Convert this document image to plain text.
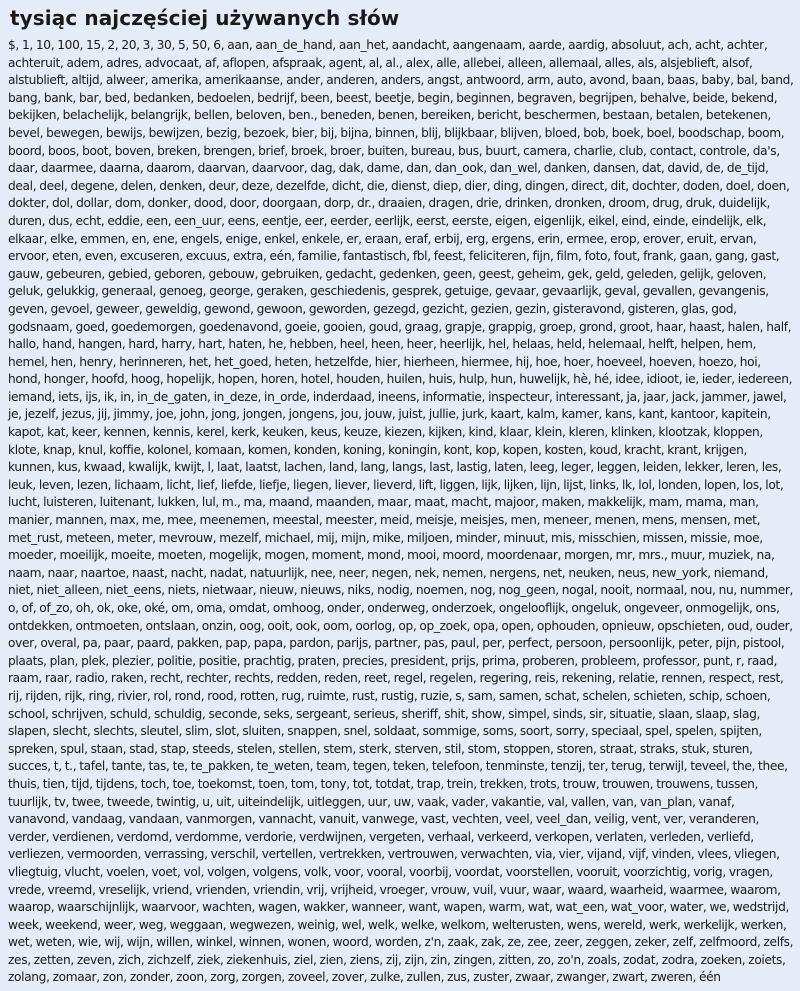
tysiąc najczęściej używanych słów

$, 1, 10, 100, 15, 2, 20, 3, 30, 5, 50, 6, aan, aan_de_hand, aan_het, aandacht, aangenaam, aarde, aardig, absoluut, ach, acht, achter, achteruit, adem, adres, advocaat, af, aflopen, afspraak, agent, al, al., alex, alle, allebei, alleen, allemaal, alles, als, alsjeblieft, alsof, alstublieft, altijd, alweer, amerika, amerikaanse, ander, anderen, anders, angst, antwoord, arm, auto, avond, baan, baas, baby, bal, band, bang, bank, bar, bed, bedanken, bedoelen, bedrijf, been, beest, beetje, begin, beginnen, begraven, begrijpen, behalve, beide, bekend, bekijken, belachelijk, belangrijk, bellen, beloven, ben., beneden, benen, bereiken, bericht, beschermen, bestaan, betalen, betekenen, bevel, bewegen, bewijs, bewijzen, bezig, bezoek, bier, bij, bijna, binnen, blij, blijkbaar, blijven, bloed, bob, boek, boel, boodschap, boom, boord, boos, boot, boven, breken, brengen, brief, broek, broer, buiten, bureau, bus, buurt, camera, charlie, club, contact, controle, da's, daar, daarmee, daarna, daarom, daarvan, daarvoor, dag, dak, dame, dan, dan_ook, dan_wel, danken, dansen, dat, david, de, de_tijd, deal, deel, degene, delen, denken, deur, deze, dezelfde, dicht, die, dienst, diep, dier, ding, dingen, direct, dit, dochter, doden, doel, doen, dokter, dol, dollar, dom, donker, dood, door, doorgaan, dorp, dr., draaien, dragen, drie, drinken, dronken, droom, drug, druk, duidelijk, duren, dus, echt, eddie, een, een_uur, eens, eentje, eer, eerder, eerlijk, eerst, eerste, eigen, eigenlijk, eikel, eind, einde, eindelijk, elk, elkaar, elke, emmen, en, ene, engels, enige, enkel, enkele, er, eraan, eraf, erbij, erg, ergens, erin, ermee, erop, erover, eruit, ervan, ervoor, eten, even, excuseren, excuus, extra, eén, familie, fantastisch, fbl, feest, feliciteren, fijn, film, foto, fout, frank, gaan, gang, gast, gauw, gebeuren, gebied, geboren, gebouw, gebruiken, gedacht, gedenken, geen, geest, geheim, gek, geld, geleden, gelijk, geloven, geluk, gelukkig, generaal, genoeg, george, geraken, geschiedenis, gesprek, getuige, gevaar, gevaarlijk, geval, gevallen, gevangenis, geven, gevoel, geweer, geweldig, gewond, gewoon, geworden, gezegd, gezicht, gezien, gezin, gisteravond, gisteren, glas, god, godsnaam, goed, goedemorgen, goedenavond, goeie, gooien, goud, graag, grapje, grappig, groep, grond, groot, haar, haast, halen, half, hallo, hand, hangen, hard, harry, hart, haten, he, hebben, heel, heen, heer, heerlijk, hel, helaas, held, helemaal, helft, helpen, hem, hemel, hen, henry, herinneren, het, het_goed, heten, hetzelfde, hier, hierheen, hiermee, hij, hoe, hoer, hoeveel, hoeven, hoezo, hoi, hond, honger, hoofd, hoog, hopelijk, hopen, horen, hotel, houden, huilen, huis, hulp, hun, huwelijk, hè, hé, idee, idioot, ie, ieder, iedereen, iemand, iets, ijs, ik, in, in_de_gaten, in_deze, in_orde, inderdaad, ineens, informatie, inspecteur, interessant, ja, jaar, jack, jammer, jawel, je, jezelf, jezus, jij, jimmy, joe, john, jong, jongen, jongens, jou, jouw, juist, jullie, jurk, kaart, kalm, kamer, kans, kant, kantoor, kapitein, kapot, kat, keer, kennen, kennis, kerel, kerk, keuken, keus, keuze, kiezen, kijken, kind, klaar, klein, kleren, klinken, klootzak, kloppen, klote, knap, knul, koffie, kolonel, komaan, komen, konden, koning, koningin, kont, kop, kopen, kosten, koud, kracht, krant, krijgen, kunnen, kus, kwaad, kwalijk, kwijt, l, laat, laatst, lachen, land, lang, langs, last, lastig, laten, leeg, leger, leggen, leiden, lekker, leren, les, leuk, leven, lezen, lichaam, licht, lief, liefde, liefje, liegen, liever, lieverd, lift, liggen, lijk, lijken, lijn, lijst, links, lk, lol, londen, lopen, los, lot, lucht, luisteren, luitenant, lukken, lul, m., ma, maand, maanden, maar, maat, macht, majoor, maken, makkelijk, mam, mama, man, manier, mannen, max, me, mee, meenemen, meestal, meester, meid, meisje, meisjes, men, meneer, menen, mens, mensen, met, met_rust, meteen, meter, mevrouw, mezelf, michael, mij, mijn, mike, miljoen, minder, minuut, mis, misschien, missen, missie, moe, moeder, moeilijk, moeite, moeten, mogelijk, mogen, moment, mond, mooi, moord, moordenaar, morgen, mr, mrs., muur, muziek, na, naam, naar, naartoe, naast, nacht, nadat, natuurlijk, nee, neer, negen, nek, nemen, nergens, net, neuken, neus, new_york, niemand, niet, niet_alleen, niet_eens, niets, nietwaar, nieuw, nieuws, niks, nodig, noemen, nog, nog_geen, nogal, nooit, normaal, nou, nu, nummer, o, of, of_zo, oh, ok, oke, oké, om, oma, omdat, omhoog, onder, onderweg, onderzoek, ongelooflijk, ongeluk, ongeveer, onmogelijk, ons, ontdekken, ontmoeten, ontslaan, onzin, oog, ooit, ook, oom, oorlog, op, op_zoek, opa, open, ophouden, opnieuw, opschieten, oud, ouder, over, overal, pa, paar, paard, pakken, pap, papa, pardon, parijs, partner, pas, paul, per, perfect, persoon, persoonlijk, peter, pijn, pistool, plaats, plan, plek, plezier, politie, positie, prachtig, praten, precies, president, prijs, prima, proberen, probleem, professor, punt, r, raad, raam, raar, radio, raken, recht, rechter, rechts, redden, reden, reet, regel, regelen, regering, reis, rekening, relatie, rennen, respect, rest, rij, rijden, rijk, ring, rivier, rol, rond, rood, rotten, rug, ruimte, rust, rustig, ruzie, s, sam, samen, schat, schelen, schieten, schip, schoen, school, schrijven, schuld, schuldig, seconde, seks, sergeant, serieus, sheriff, shit, show, simpel, sinds, sir, situatie, slaan, slaap, slag, slapen, slecht, slechts, sleutel, slim, slot, sluiten, snappen, snel, soldaat, sommige, soms, soort, sorry, speciaal, spel, spelen, spijten, spreken, spul, staan, stad, stap, steeds, stelen, stellen, stem, sterk, sterven, stil, stom, stoppen, storen, straat, straks, stuk, sturen, succes, t, t., tafel, tante, tas, te, te_pakken, te_weten, team, tegen, teken, telefoon, tenminste, tenzij, ter, terug, terwijl, teveel, the, thee, thuis, tien, tijd, tijdens, toch, toe, toekomst, toen, tom, tony, tot, totdat, trap, trein, trekken, trots, trouw, trouwen, trouwens, tussen, tuurlijk, tv, twee, tweede, twintig, u, uit, uiteindelijk, uitleggen, uur, uw, vaak, vader, vakantie, val, vallen, van, van_plan, vanaf, vanavond, vandaag, vandaan, vanmorgen, vannacht, vanuit, vanwege, vast, vechten, veel, veel_dan, veilig, vent, ver, veranderen, verder, verdienen, verdomd, verdomme, verdorie, verdwijnen, vergeten, verhaal, verkeerd, verkopen, verlaten, verleden, verliefd, verliezen, vermoorden, verrassing, verschil, vertellen, vertrekken, vertrouwen, verwachten, via, vier, vijand, vijf, vinden, vlees, vliegen, vliegtuig, vlucht, voelen, voet, vol, volgen, volgens, volk, voor, vooral, voorbij, voordat, voorstellen, vooruit, voorzichtig, vorig, vragen, vrede, vreemd, vreselijk, vriend, vrienden, vriendin, vrij, vrijheid, vroeger, vrouw, vuil, vuur, waar, waard, waarheid, waarmee, waarom, waarop, waarschijnlijk, waarvoor, wachten, wagen, wakker, wanneer, want, wapen, warm, wat, wat_een, wat_voor, water, we, wedstrijd, week, weekend, weer, weg, weggaan, wegwezen, weinig, wel, welk, welke, welkom, welterusten, wens, wereld, werk, werkelijk, werken, wet, weten, wie, wij, wijn, willen, winkel, winnen, wonen, woord, worden, z'n, zaak, zak, ze, zee, zeer, zeggen, zeker, zelf, zelfmoord, zelfs, zes, zetten, zeven, zich, zichzelf, ziek, ziekenhuis, ziel, zien, ziens, zij, zijn, zin, zingen, zitten, zo, zo'n, zoals, zodat, zodra, zoeken, zoiets, zolang, zomaar, zon, zonder, zoon, zorg, zorgen, zoveel, zover, zulke, zullen, zus, zuster, zwaar, zwanger, zwart, zweren, één
